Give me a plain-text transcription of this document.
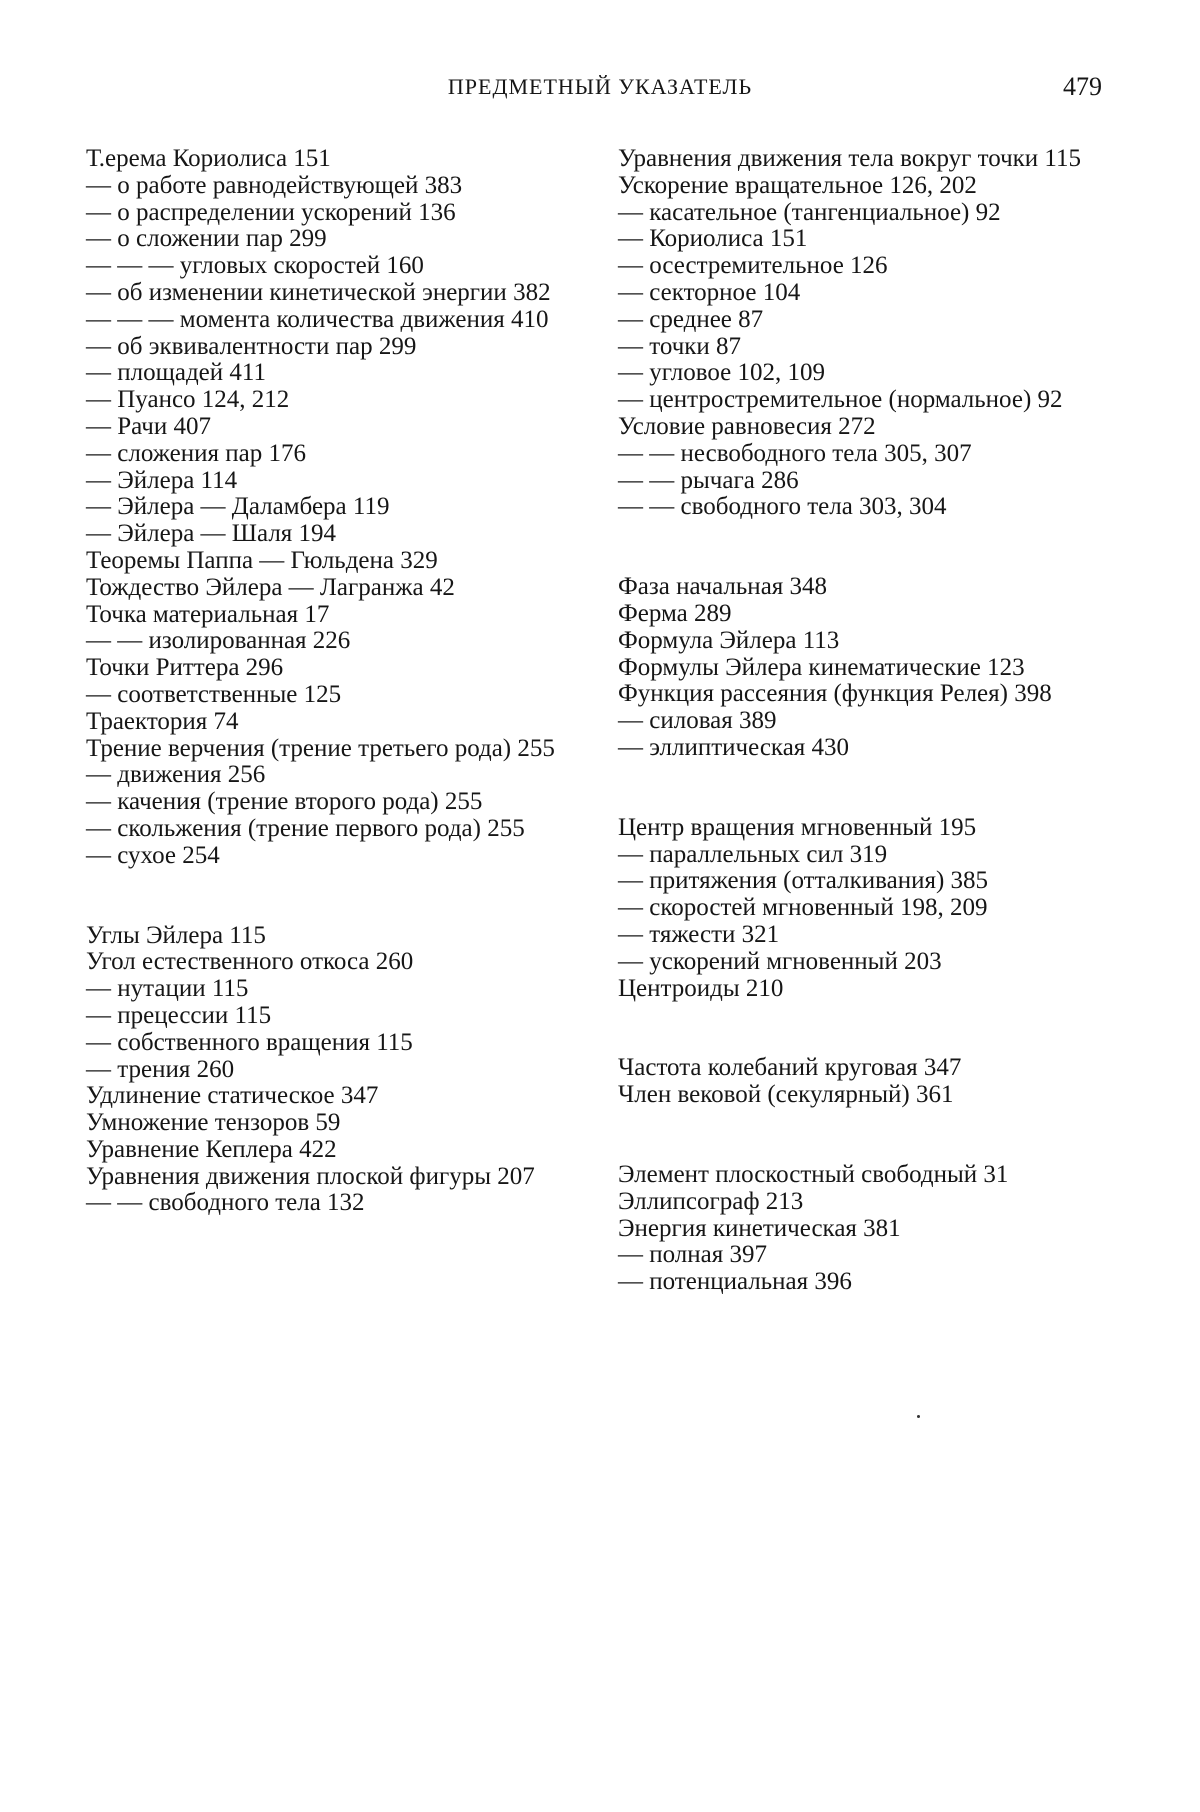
ПРЕДМЕТНЫЙ УКАЗАТЕЛЬ	479

Т.ерема Кориолиса 151

— о работе равнодействующей 383

— о распределении ускорений 136

— о сложении пар 299

— — — угловых скоростей 160

— об изменении кинетической энергии 382

— — — момента количества движения 410

— об эквивалентности пар 299

— площадей 411

— Пуансо 124, 212

— Рачи 407

— сложения пар 176

— Эйлера 114

— Эйлера — Даламбера 119

— Эйлера — Шаля 194

Теоремы Паппа — Гюльдена 329

Тождество Эйлера — Лагранжа 42

Точка материальная 17

— — изолированная 226

Точки Риттера 296

— соответственные 125

Траектория 74

Трение верчения (трение третьего рода) 255

— движения 256

— качения (трение второго рода) 255

— скольжения (трение первого рода) 255

— сухое 254

Углы Эйлера 115

Угол естественного откоса 260

— нутации 115

— прецессии 115

— собственного вращения 115

— трения 260

Удлинение статическое 347

Умножение тензоров 59

Уравнение Кеплера 422

Уравнения движения плоской фигуры 207

— — свободного тела 132

Уравнения движения тела вокруг точки 115

Ускорение вращательное 126, 202

— касательное (тангенциальное) 92

— Кориолиса 151

— осестремительное 126

— секторное 104

— среднее 87

— точки 87

— угловое 102, 109

— центростремительное (нормальное) 92

Условие равновесия 272

— — несвободного тела 305, 307

— — рычага 286

— — свободного тела 303, 304

Фаза начальная 348

Ферма 289

Формула Эйлера 113

Формулы Эйлера кинематические 123

Функция рассеяния (функция Релея) 398

— силовая 389

— эллиптическая 430

Центр вращения мгновенный 195

— параллельных сил 319

— притяжения (отталкивания) 385

— скоростей мгновенный 198, 209

— тяжести 321

— ускорений мгновенный 203

Центроиды 210

Частота колебаний круговая 347

Член вековой (секулярный) 361

Элемент плоскостный свободный 31

Эллипсограф 213

Энергия кинетическая 381

— полная 397

— потенциальная 396
